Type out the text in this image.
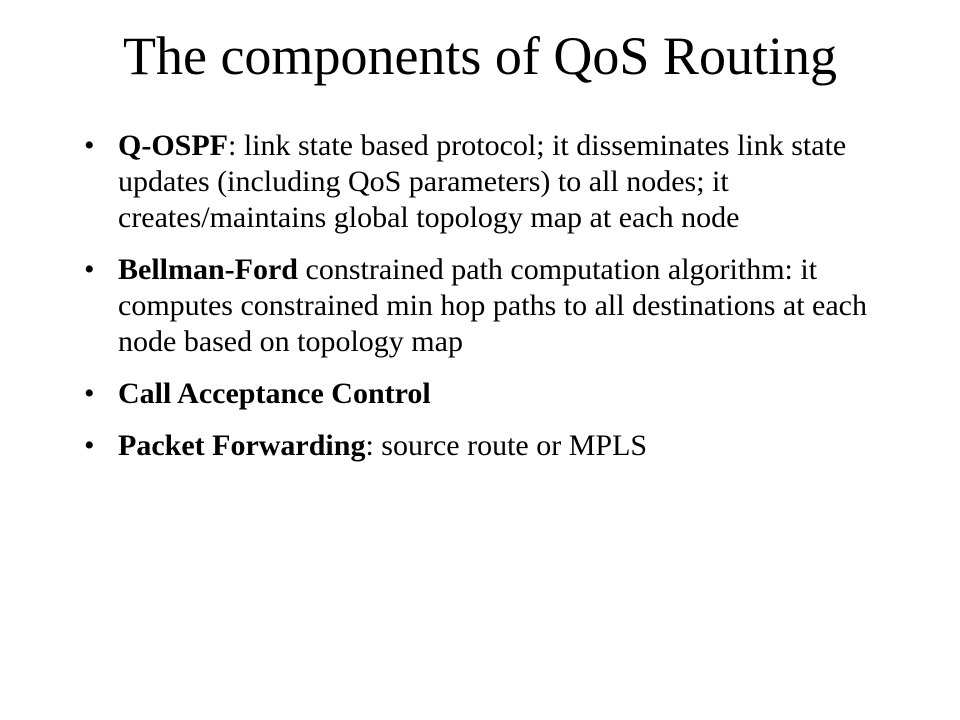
The components of QoS Routing
• Q-OSPF: link state based protocol; it disseminates link state updates (including QoS parameters) to all nodes; it creates/maintains global topology map at each node
• Bellman-Ford constrained path computation algorithm: it computes constrained min hop paths to all destinations at each node based on topology map
• Call Acceptance Control
• Packet Forwarding: source route or MPLS
